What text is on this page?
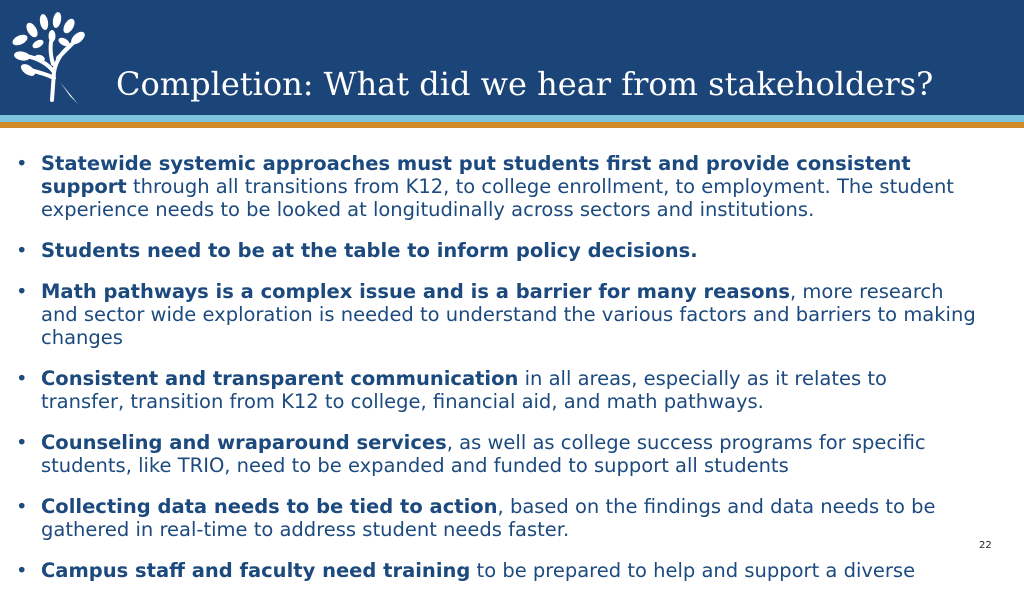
Completion: What did we hear from stakeholders?
• Statewide systemic approaches must put students first and provide consistent support through all transitions from K12, to college enrollment, to employment. The student experience needs to be looked at longitudinally across sectors and institutions.
• Students need to be at the table to inform policy decisions.
• Math pathways is a complex issue and is a barrier for many reasons, more research and sector wide exploration is needed to understand the various factors and barriers to making changes
• Consistent and transparent communication in all areas, especially as it relates to transfer, transition from K12 to college, financial aid, and math pathways.
• Counseling and wraparound services, as well as college success programs for specific students, like TRIO, need to be expanded and funded to support all students
• Collecting data needs to be tied to action, based on the findings and data needs to be gathered in real-time to address student needs faster.
• Campus staff and faculty need training to be prepared to help and support a diverse
22
